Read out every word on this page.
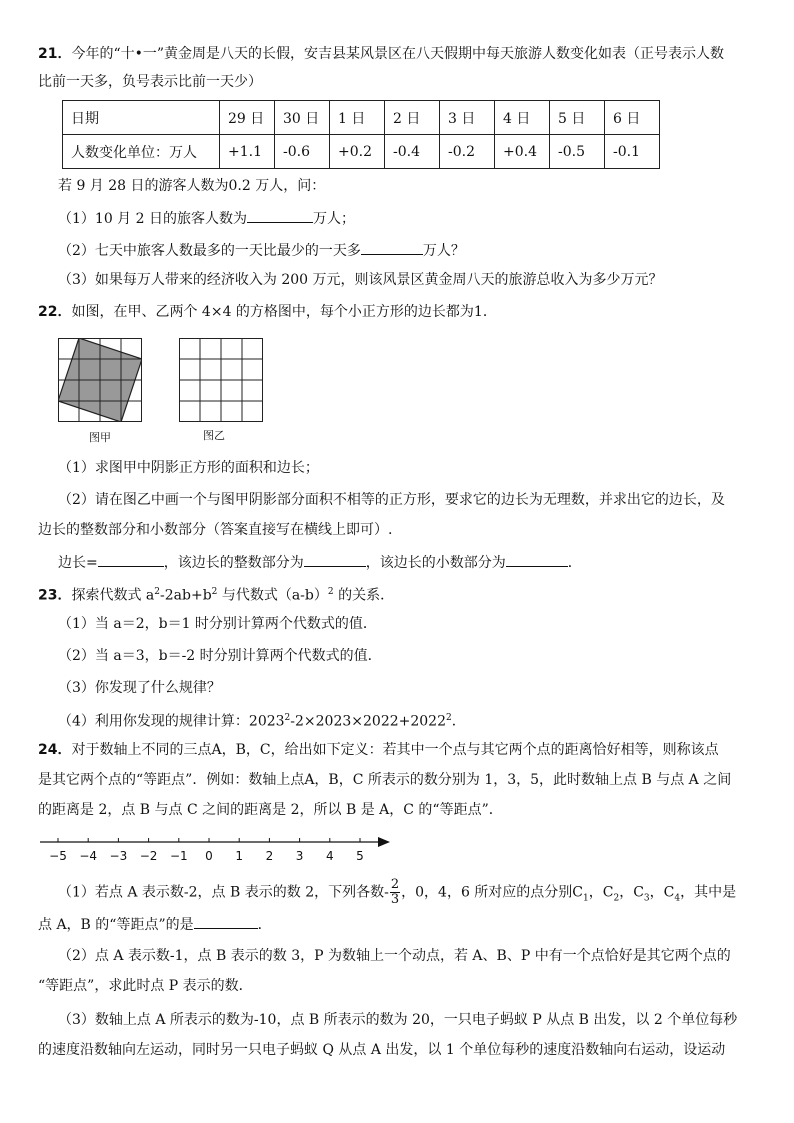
21．今年的“十•一”黄金周是八天的长假，安吉县某风景区在八天假期中每天旅游人数变化如表（正号表示人数
比前一天多，负号表示比前一天少）
日期	29 日	30 日	1 日	2 日	3 日	4 日	5 日	6 日
人数变化单位：万人	+1.1	-0.6	+0.2	-0.4	-0.2	+0.4	-0.5	-0.1
若 9 月 28 日的游客人数为0.2 万人，问：
（1）10 月 2 日的旅客人数为	万人；
（2）七天中旅客人数最多的一天比最少的一天多	万人？
（3）如果每万人带来的经济收入为 200 万元，则该风景区黄金周八天的旅游总收入为多少万元？
22．如图，在甲、乙两个 4×4 的方格图中，每个小正方形的边长都为1．
图甲	图乙
（1）求图甲中阴影正方形的面积和边长；
（2）请在图乙中画一个与图甲阴影部分面积不相等的正方形，要求它的边长为无理数，并求出它的边长，及
边长的整数部分和小数部分（答案直接写在横线上即可）.
边长=	，该边长的整数部分为	，该边长的小数部分为	．
23．探索代数式 $a^2-2ab+b^2$ 与代数式$(a-b)^2$ 的关系．
（1）当 a＝2，b＝1 时分别计算两个代数式的值．
（2）当 a＝3，b＝-2 时分别计算两个代数式的值．
（3）你发现了什么规律？
（4）利用你发现的规律计算：$2023^2-2\times 2023\times 2022+2022^2$．
24．对于数轴上不同的三点A，B，C，给出如下定义：若其中一个点与其它两个点的距离恰好相等，则称该点
是其它两个点的“等距点”．例如：数轴上点A，B，C 所表示的数分别为 1，3，5，此时数轴上点 B 与点 A 之间
的距离是 2，点 B 与点 C 之间的距离是 2，所以 B 是 A，C 的“等距点”．
−5 −4 −3 −2 −1 0 1 2 3 4 5
（1）若点 A 表示数-2，点 B 表示的数 2，下列各数- $\frac{2}{3}$ ，0，4，6 所对应的点分别$C_1$，$C_2$，$C_3$，$C_4$，其中是
点 A，B 的“等距点”的是	．
（2）点 A 表示数-1，点 B 表示的数 3，P 为数轴上一个动点，若 A、B、P 中有一个点恰好是其它两个点的
“等距点”，求此时点 P 表示的数．
（3）数轴上点 A 所表示的数为-10，点 B 所表示的数为 20，一只电子蚂蚁 P 从点 B 出发，以 2 个单位每秒
的速度沿数轴向左运动，同时另一只电子蚂蚁 Q 从点 A 出发，以 1 个单位每秒的速度沿数轴向右运动，设运动
